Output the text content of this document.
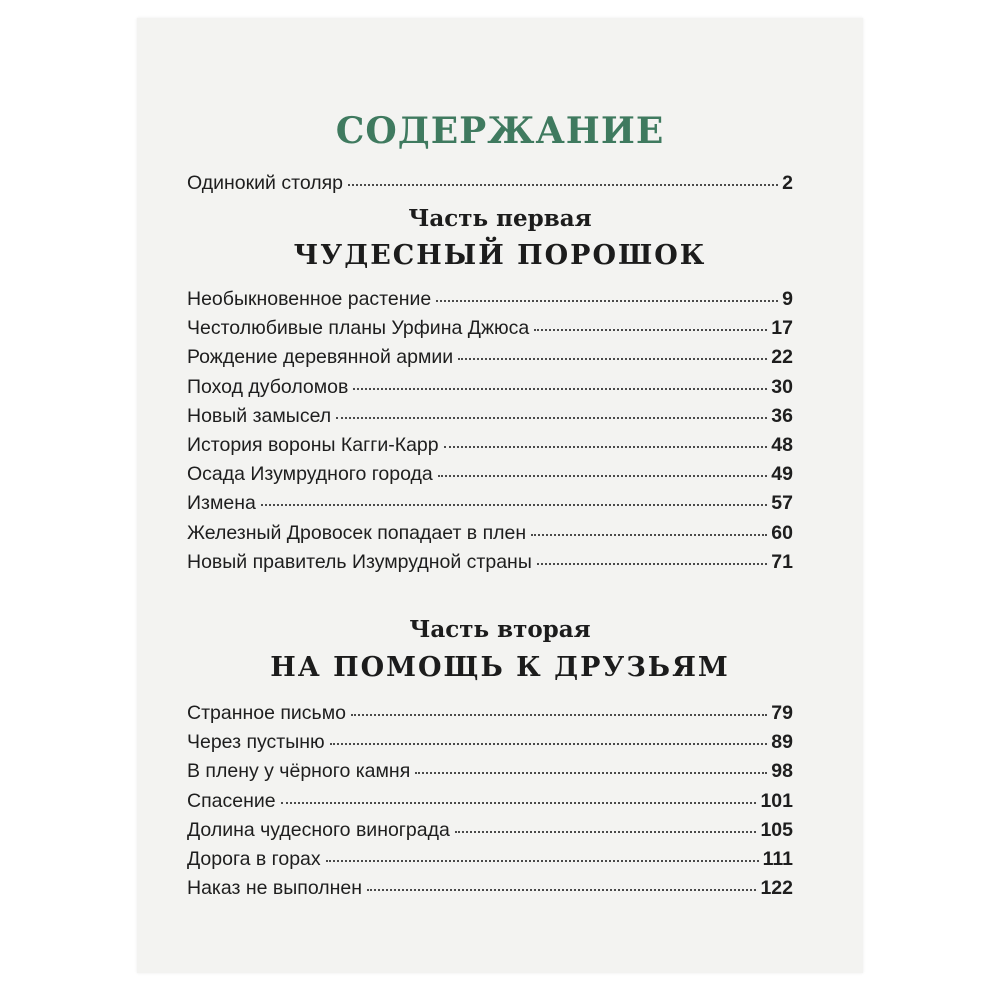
СОДЕРЖАНИЕ
Одинокий столяр	2
Часть первая
ЧУДЕСНЫЙ ПОРОШОК
Необыкновенное растение	9
Честолюбивые планы Урфина Джюса	17
Рождение деревянной армии	22
Поход дуболомов	30
Новый замысел	36
История вороны Кагги-Карр	48
Осада Изумрудного города	49
Измена	57
Железный Дровосек попадает в плен	60
Новый правитель Изумрудной страны	71
Часть вторая
НА ПОМОЩЬ К ДРУЗЬЯМ
Странное письмо	79
Через пустыню	89
В плену у чёрного камня	98
Спасение	101
Долина чудесного винограда	105
Дорога в горах	111
Наказ не выполнен	122
